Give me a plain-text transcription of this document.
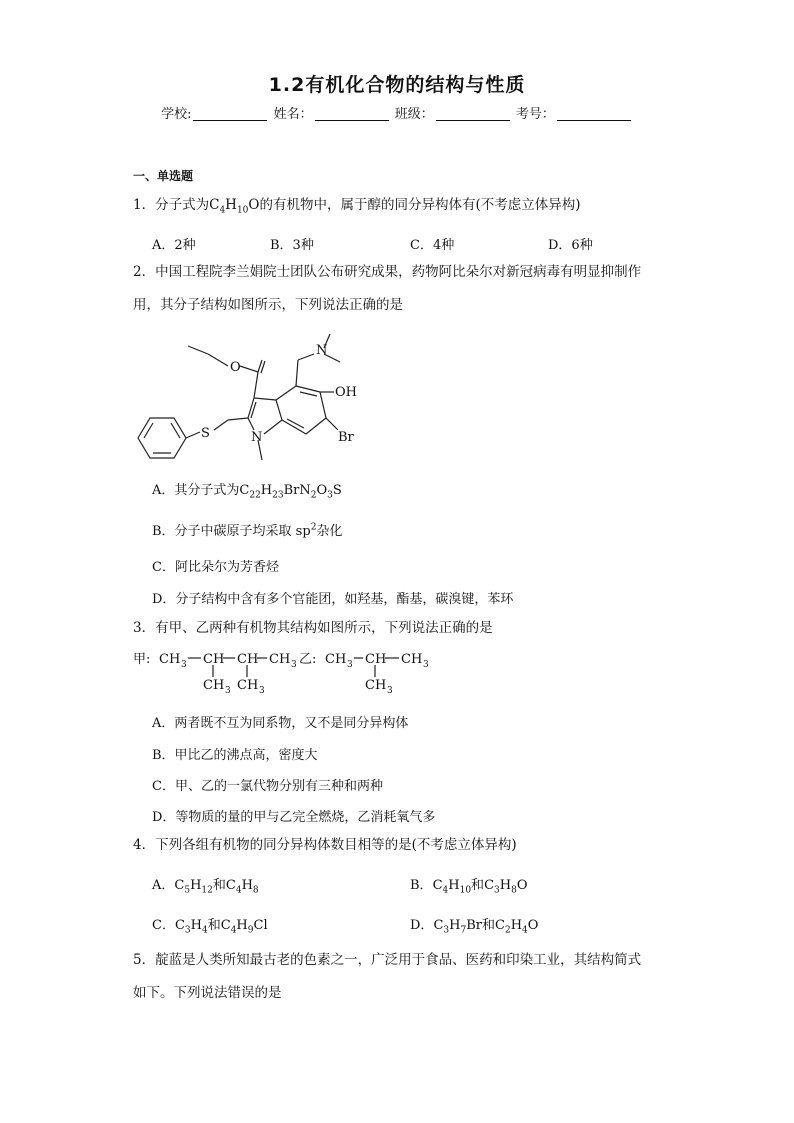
1.2有机化合物的结构与性质
学校:	姓名：	班级：	考号：
一、单选题
1．分子式为$C_4H_{10}O$的有机物中，属于醇的同分异构体有(不考虑立体异构)
A．2种	B．3种	C．4种	D．6种
2．中国工程院李兰娟院士团队公布研究成果，药物阿比朵尔对新冠病毒有明显抑制作
用，其分子结构如图所示，下列说法正确的是
S	N
N
O
OH
Br
A．其分子式为$C_{22}H_{23}BrN_2O_3S$
B．分子中碳原子均采取 $sp^2$杂化
C．阿比朵尔为芳香烃
D．分子结构中含有多个官能团，如羟基，酯基，碳溴键，苯环
3．有甲、乙两种有机物其结构如图所示，下列说法正确的是
甲: CH 3 CH CH CH 3
CH 3 CH 3
乙: CH 3 CH CH 3
CH 3
A．两者既不互为同系物，又不是同分异构体
B．甲比乙的沸点高，密度大
C．甲、乙的一氯代物分别有三种和两种
D．等物质的量的甲与乙完全燃烧，乙消耗氧气多
4．下列各组有机物的同分异构体数目相等的是(不考虑立体异构)
A．$C_5H_{12}$和$C_4H_8$	B．$C_4H_{10}$和$C_3H_8O$
C．$C_3H_4$和$C_4H_9Cl$	D．$C_3H_7Br$和$C_2H_4O$
5．靛蓝是人类所知最古老的色素之一，广泛用于食品、医药和印染工业，其结构简式
如下。下列说法错误的是
